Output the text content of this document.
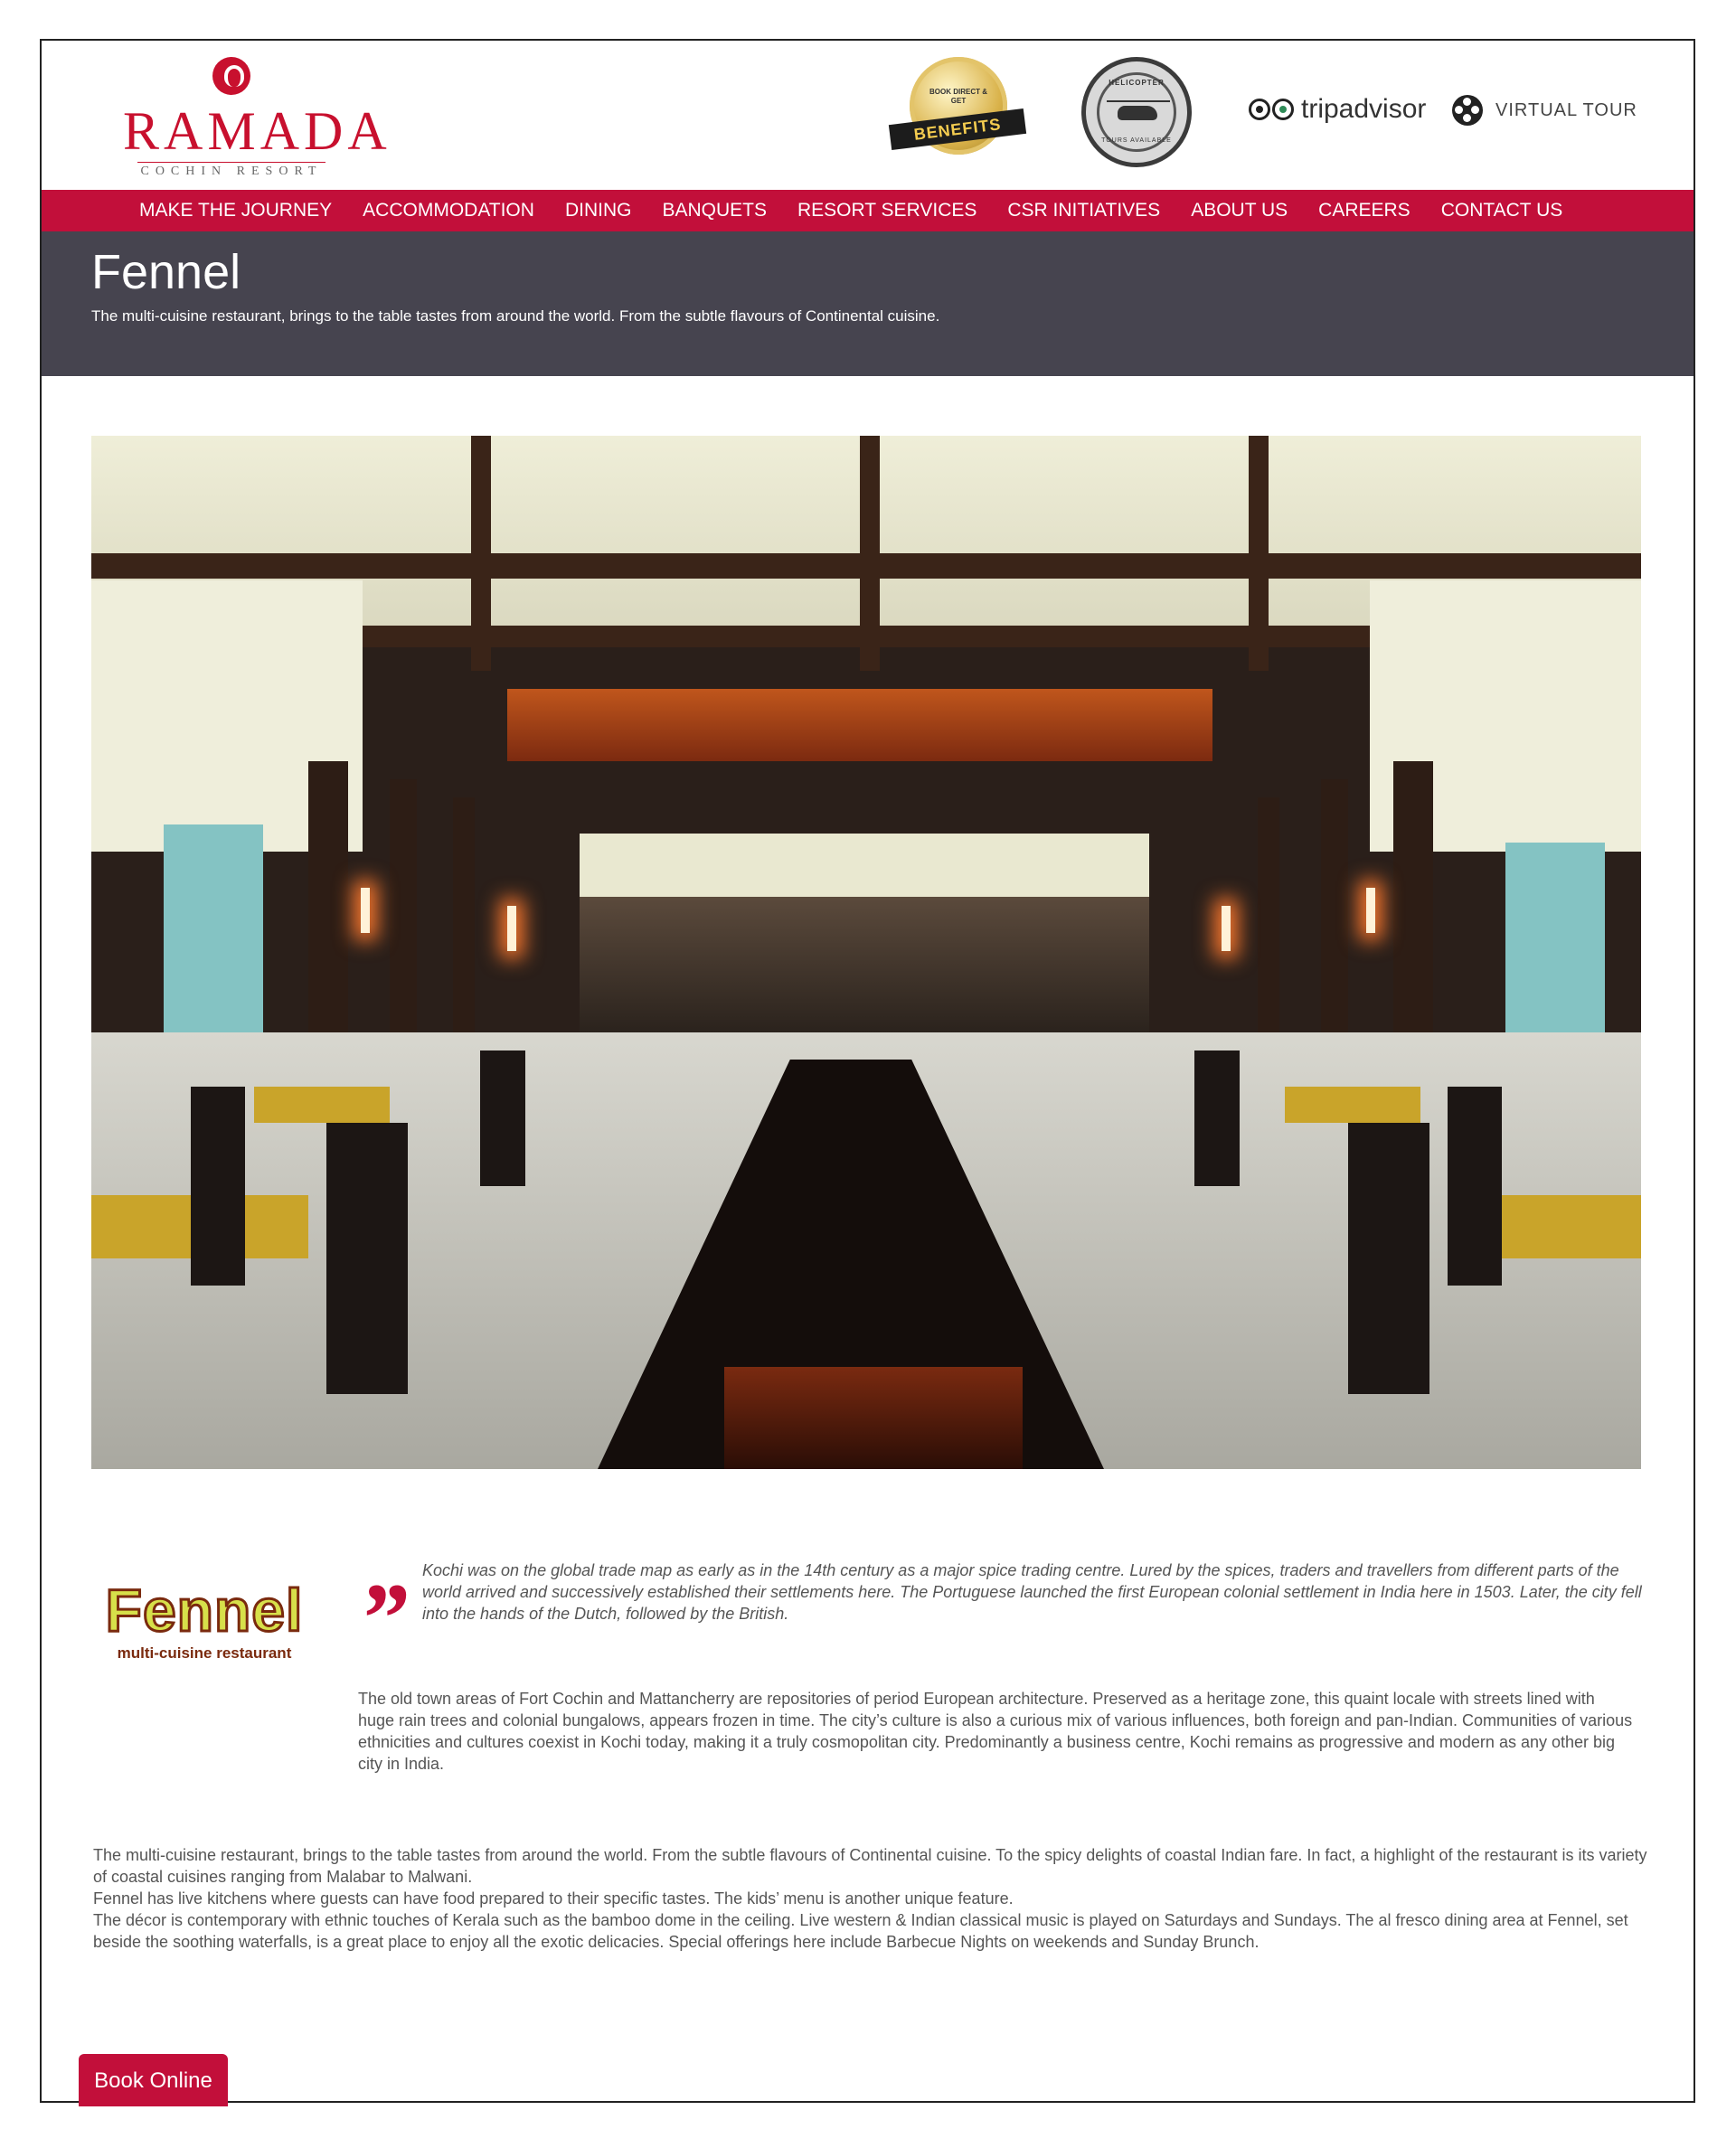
RAMADA
COCHIN RESORT
BOOK DIRECT & GET
BENEFITS
HELICOPTER
TOURS AVAILABLE
tripadvisor	VIRTUAL TOUR
MAKE THE JOURNEY ACCOMMODATION DINING BANQUETS RESORT SERVICES CSR INITIATIVES ABOUT US CAREERS CONTACT US
Fennel

The multi-cuisine restaurant, brings to the table tastes from around the world. From the subtle flavours of Continental cuisine.

Fennel
multi-cuisine restaurant ” Kochi was on the global trade map as early as in the 14th century as a major spice trading centre. Lured by the spices, traders and travellers from different parts of the world arrived and successively established their settlements here. The Portuguese launched the first European colonial settlement in India here in 1503. Later, the city fell into the hands of the Dutch, followed by the British.

The old town areas of Fort Cochin and Mattancherry are repositories of period European architecture. Preserved as a heritage zone, this quaint locale with streets lined with huge rain trees and colonial bungalows, appears frozen in time. The city’s culture is also a curious mix of various influences, both foreign and pan-Indian. Communities of various ethnicities and cultures coexist in Kochi today, making it a truly cosmopolitan city. Predominantly a business centre, Kochi remains as progressive and modern as any other big city in India.

The multi-cuisine restaurant, brings to the table tastes from around the world. From the subtle flavours of Continental cuisine. To the spicy delights of coastal Indian fare. In fact, a highlight of the restaurant is its variety of coastal cuisines ranging from Malabar to Malwani.
Fennel has live kitchens where guests can have food prepared to their specific tastes. The kids’ menu is another unique feature.
The décor is contemporary with ethnic touches of Kerala such as the bamboo dome in the ceiling. Live western & Indian classical music is played on Saturdays and Sundays. The al fresco dining area at Fennel, set beside the soothing waterfalls, is a great place to enjoy all the exotic delicacies. Special offerings here include Barbecue Nights on weekends and Sunday Brunch.
Book Online
